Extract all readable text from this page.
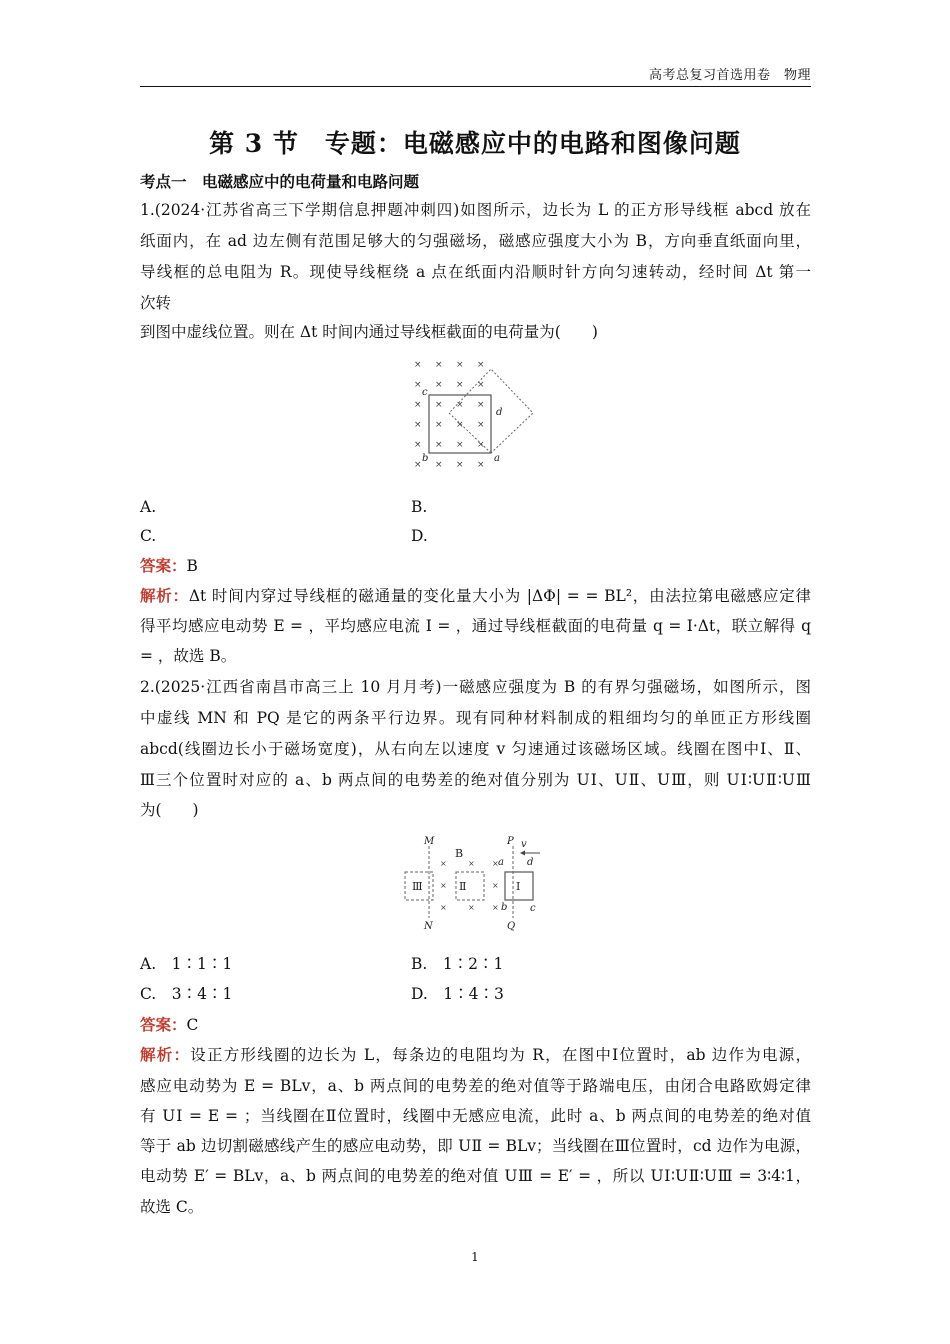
高考总复习首选用卷　物理
第 3 节　专题：电磁感应中的电路和图像问题
考点一　电磁感应中的电荷量和电路问题
1.(2024·江苏省高三下学期信息押题冲刺四)如图所示，边长为 L 的正方形导线框 abcd 放在
纸面内，在 ad 边左侧有范围足够大的匀强磁场，磁感应强度大小为 B，方向垂直纸面向里，
导线框的总电阻为 R。现使导线框绕 a 点在纸面内沿顺时针方向匀速转动，经时间 Δt 第一
次转
到图中虚线位置。则在 Δt 时间内通过导线框截面的电荷量为(　　)
× × × ×
× × × ×
× × × ×
× × × ×
× × × ×
× × × ×
c
d
b	a
A.	B.
C.	D.
答案：B
解析：Δt 时间内穿过导线框的磁通量的变化量大小为 |ΔΦ| = = BL²，由法拉第电磁感应定律
得平均感应电动势 E = ，平均感应电流 I = ，通过导线框截面的电荷量 q = I·Δt，联立解得 q
= ，故选 B。
2.(2025·江西省南昌市高三上 10 月月考)一磁感应强度为 B 的有界匀强磁场，如图所示，图
中虚线 MN 和 PQ 是它的两条平行边界。现有同种材料制成的粗细均匀的单匝正方形线圈
abcd(线圈边长小于磁场宽度)，从右向左以速度 v 匀速通过该磁场区域。线圈在图中Ⅰ、Ⅱ、
Ⅲ三个位置时对应的 a、b 两点间的电势差的绝对值分别为 UⅠ、UⅡ、UⅢ，则 UⅠ∶UⅡ∶UⅢ
为(　　)
×	× ×
×	×
×	× ×
M
N
P
Q
B
v
a
b c
d
Ⅲ	Ⅱ	Ⅰ
A.　1∶1∶1	B.　1∶2∶1
C.　3∶4∶1	D.　1∶4∶3
答案：C
解析：设正方形线圈的边长为 L，每条边的电阻均为 R，在图中Ⅰ位置时，ab 边作为电源，
感应电动势为 E = BLv，a、b 两点间的电势差的绝对值等于路端电压，由闭合电路欧姆定律
有 UⅠ = E = ；当线圈在Ⅱ位置时，线圈中无感应电流，此时 a、b 两点间的电势差的绝对值
等于 ab 边切割磁感线产生的感应电动势，即 UⅡ = BLv；当线圈在Ⅲ位置时，cd 边作为电源，
电动势 E′ = BLv，a、b 两点间的电势差的绝对值 UⅢ = E′ = ，所以 UⅠ∶UⅡ∶UⅢ = 3∶4∶1，
故选 C。
1
